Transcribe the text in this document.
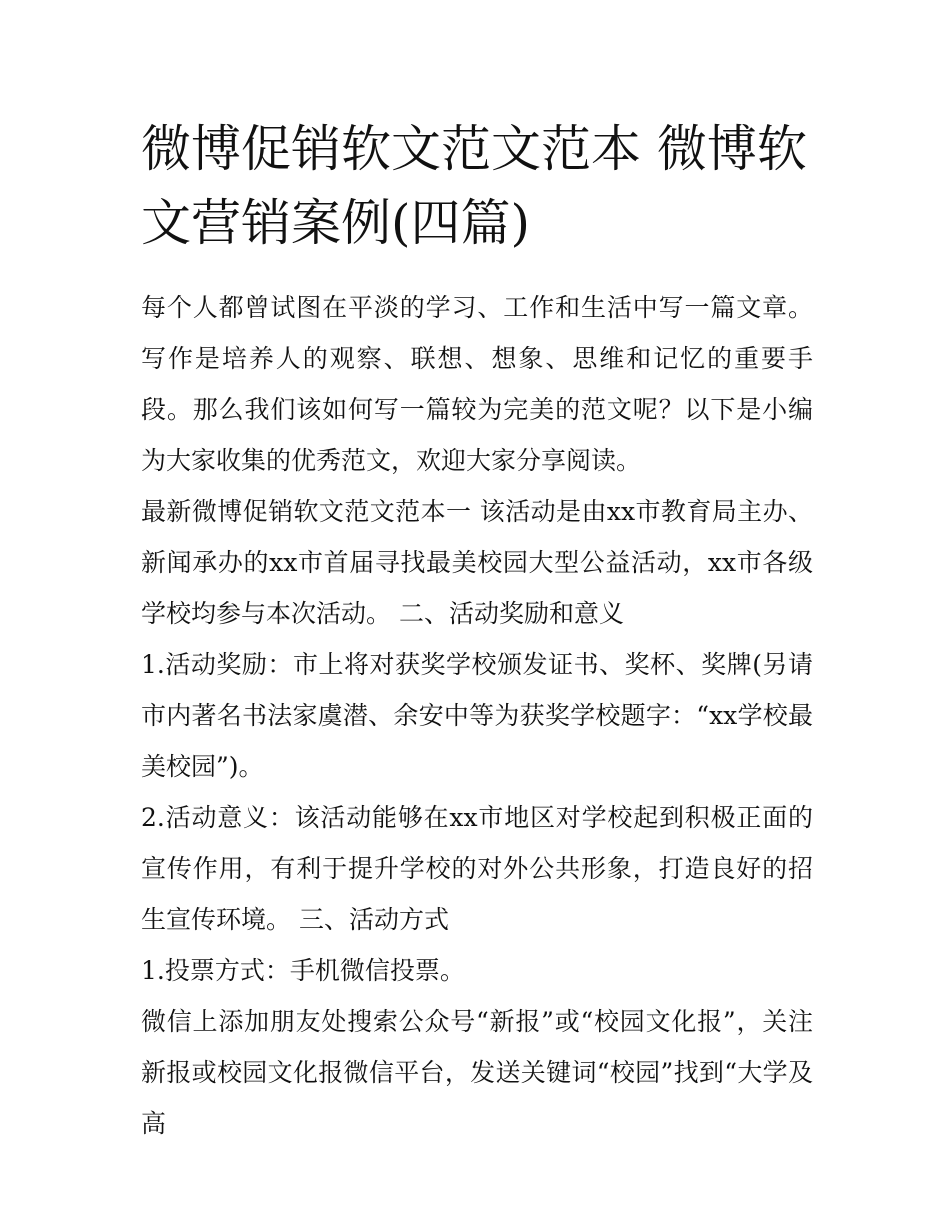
微博促销软文范文范本 微博软文营销案例(四篇)

每个人都曾试图在平淡的学习、工作和生活中写一篇文章。写作是培养人的观察、联想、想象、思维和记忆的重要手段。那么我们该如何写一篇较为完美的范文呢？以下是小编为大家收集的优秀范文，欢迎大家分享阅读。

最新微博促销软文范文范本一 该活动是由xx市教育局主办、新闻承办的xx市首届寻找最美校园大型公益活动，xx市各级学校均参与本次活动。 二、活动奖励和意义

1.活动奖励：市上将对获奖学校颁发证书、奖杯、奖牌(另请市内著名书法家虞潜、余安中等为获奖学校题字：“xx学校最美校园”)。

2.活动意义：该活动能够在xx市地区对学校起到积极正面的宣传作用，有利于提升学校的对外公共形象，打造良好的招生宣传环境。 三、活动方式

1.投票方式：手机微信投票。

微信上添加朋友处搜索公众号“新报”或“校园文化报”，关注新报或校园文化报微信平台，发送关键词“校园”找到“大学及高
